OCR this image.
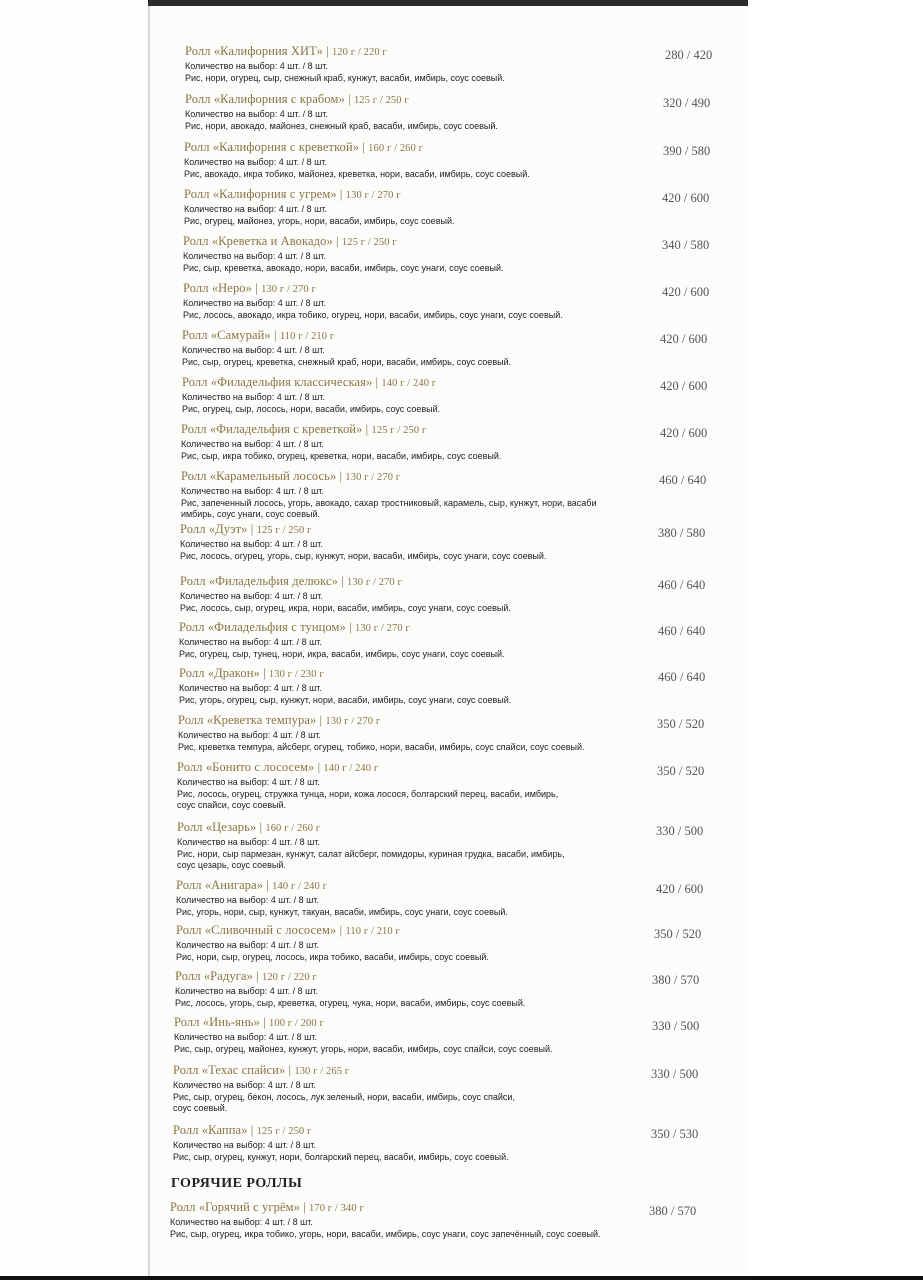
Ролл «Калифорния ХИТ» | 120 г / 220 г
Количество на выбор: 4 шт. / 8 шт.
Рис, нори, огурец, сыр, снежный краб, кунжут, васаби, имбирь, соус соевый.
280 / 420
Ролл «Калифорния с крабом» | 125 г / 250 г
Количество на выбор: 4 шт. / 8 шт.
Рис, нори, авокадо, майонез, снежный краб, васаби, имбирь, соус соевый.
320 / 490
Ролл «Калифорния с креветкой» | 160 г / 260 г
Количество на выбор: 4 шт. / 8 шт.
Рис, авокадо, икра тобико, майонез, креветка, нори, васаби, имбирь, соус соевый.
390 / 580
Ролл «Калифорния с угрем» | 130 г / 270 г
Количество на выбор: 4 шт. / 8 шт.
Рис, огурец, майонез, угорь, нори, васаби, имбирь, соус соевый.
420 / 600
Ролл «Креветка и Авокадо» | 125 г / 250 г
Количество на выбор: 4 шт. / 8 шт.
Рис, сыр, креветка, авокадо, нори, васаби, имбирь, соус унаги, соус соевый.
340 / 580
Ролл «Неро» | 130 г / 270 г
Количество на выбор: 4 шт. / 8 шт.
Рис, лосось, авокадо, икра тобико, огурец, нори, васаби, имбирь, соус унаги, соус соевый.
420 / 600
Ролл «Самурай» | 110 г / 210 г
Количество на выбор: 4 шт. / 8 шт.
Рис, сыр, огурец, креветка, снежный краб, нори, васаби, имбирь, соус соевый.
420 / 600
Ролл «Филадельфия классическая» | 140 г / 240 г
Количество на выбор: 4 шт. / 8 шт.
Рис, огурец, сыр, лосось, нори, васаби, имбирь, соус соевый.
420 / 600
Ролл «Филадельфия с креветкой» | 125 г / 250 г
Количество на выбор: 4 шт. / 8 шт.
Рис, сыр, икра тобико, огурец, креветка, нори, васаби, имбирь, соус соевый.
420 / 600
Ролл «Карамельный лосось» | 130 г / 270 г
Количество на выбор: 4 шт. / 8 шт.
Рис, запеченный лосось, угорь, авокадо, сахар тростниковый, карамель, сыр, кунжут, нори, васаби
имбирь, соус унаги, соус соевый.
460 / 640
Ролл «Дуэт» | 125 г / 250 г
Количество на выбор: 4 шт. / 8 шт.
Рис, лосось, огурец, угорь, сыр, кунжут, нори, васаби, имбирь, соус унаги, соус соевый.
380 / 580
Ролл «Филадельфия делюкс» | 130 г / 270 г
Количество на выбор: 4 шт. / 8 шт.
Рис, лосось, сыр, огурец, икра, нори, васаби, имбирь, соус унаги, соус соевый.
460 / 640
Ролл «Филадельфия с тунцом» | 130 г / 270 г
Количество на выбор: 4 шт. / 8 шт.
Рис, огурец, сыр, тунец, нори, икра, васаби, имбирь, соус унаги, соус соевый.
460 / 640
Ролл «Дракон» | 130 г / 230 г
Количество на выбор: 4 шт. / 8 шт.
Рис, угорь, огурец, сыр, кунжут, нори, васаби, имбирь, соус унаги, соус соевый.
460 / 640
Ролл «Креветка темпура» | 130 г / 270 г
Количество на выбор: 4 шт. / 8 шт.
Рис, креветка темпура, айсберг, огурец, тобико, нори, васаби, имбирь, соус спайси, соус соевый.
350 / 520
Ролл «Бонито с лососем» | 140 г / 240 г
Количество на выбор: 4 шт. / 8 шт.
Рис, лосось, огурец, стружка тунца, нори, кожа лосося, болгарский перец, васаби, имбирь,
соус спайси, соус соевый.
350 / 520
Ролл «Цезарь» | 160 г / 260 г
Количество на выбор: 4 шт. / 8 шт.
Рис, нори, сыр пармезан, кунжут, салат айсберг, помидоры, куриная грудка, васаби, имбирь,
соус цезарь, соус соевый.
330 / 500
Ролл «Анигара» | 140 г / 240 г
Количество на выбор: 4 шт. / 8 шт.
Рис, угорь, нори, сыр, кунжут, такуан, васаби, имбирь, соус унаги, соус соевый.
420 / 600
Ролл «Сливочный с лососем» | 110 г / 210 г
Количество на выбор: 4 шт. / 8 шт.
Рис, нори, сыр, огурец, лосось, икра тобико, васаби, имбирь, соус соевый.
350 / 520
Ролл «Радуга» | 120 г / 220 г
Количество на выбор: 4 шт. / 8 шт.
Рис, лосось, угорь, сыр, креветка, огурец, чука, нори, васаби, имбирь, соус соевый.
380 / 570
Ролл «Инь-янь» | 100 г / 200 г
Количество на выбор: 4 шт. / 8 шт.
Рис, сыр, огурец, майонез, кунжут, угорь, нори, васаби, имбирь, соус спайси, соус соевый.
330 / 500
Ролл «Техас спайси» | 130 г / 265 г
Количество на выбор: 4 шт. / 8 шт.
Рис, сыр, огурец, бекон, лосось, лук зеленый, нори, васаби, имбирь, соус спайси,
соус соевый.
330 / 500
Ролл «Каппа» | 125 г / 250 г
Количество на выбор: 4 шт. / 8 шт.
Рис, сыр, огурец, кунжут, нори, болгарский перец, васаби, имбирь, соус соевый.
350 / 530
ГОРЯЧИЕ РОЛЛЫ
Ролл «Горячий с угрём» | 170 г / 340 г
Количество на выбор: 4 шт. / 8 шт.
Рис, сыр, огурец, икра тобико, угорь, нори, васаби, имбирь, соус унаги, соус запечённый, соус соевый.
380 / 570
